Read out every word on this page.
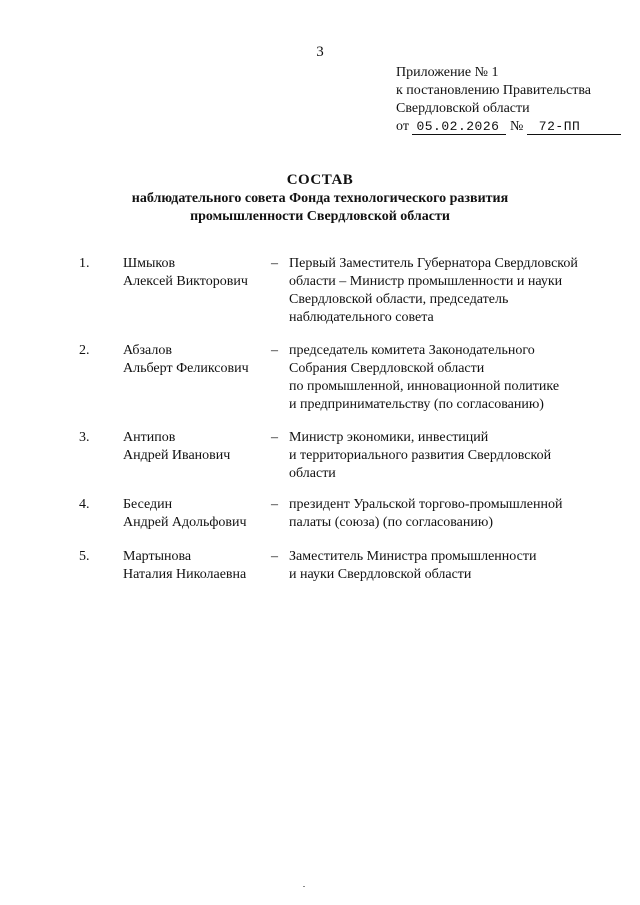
3
Приложение № 1
к постановлению Правительства
Свердловской области
от 05.02.2026 № 72-ПП
СОСТАВ
наблюдательного совета Фонда технологического развития
промышленности Свердловской области
1. Шмыков
Алексей Викторович
– Первый Заместитель Губернатора Свердловской
области – Министр промышленности и науки
Свердловской области, председатель
наблюдательного совета
2. Абзалов
Альберт Феликсович
– председатель комитета Законодательного
Собрания Свердловской области
по промышленной, инновационной политике
и предпринимательству (по согласованию)
3. Антипов
Андрей Иванович
– Министр экономики, инвестиций
и территориального развития Свердловской
области
4. Беседин
Андрей Адольфович
– президент Уральской торгово-промышленной
палаты (союза) (по согласованию)
5. Мартынова
Наталия Николаевна
– Заместитель Министра промышленности
и науки Свердловской области
